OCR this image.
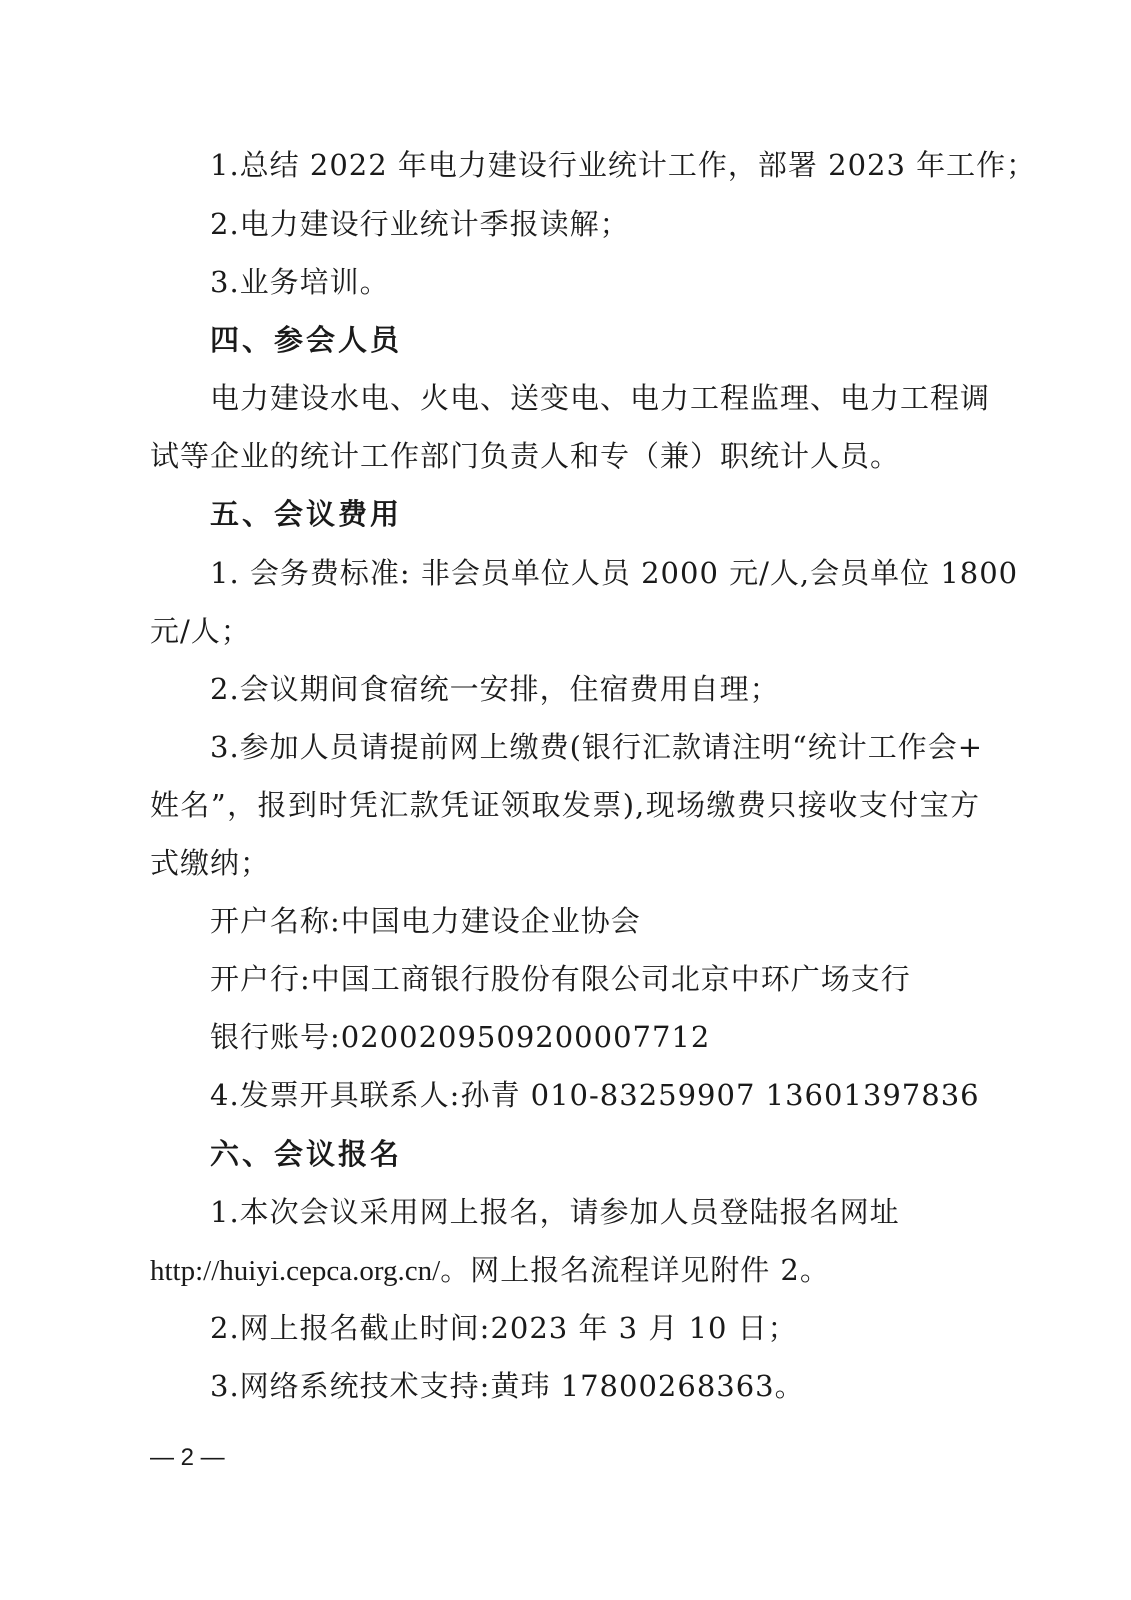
1.总结 2022 年电力建设行业统计工作，部署 2023 年工作；
2.电力建设行业统计季报读解；
3.业务培训。
四、参会人员
电力建设水电、火电、送变电、电力工程监理、电力工程调
试等企业的统计工作部门负责人和专（兼）职统计人员。
五、会议费用
1. 会务费标准: 非会员单位人员 2000 元/人,会员单位 1800
元/人；
2.会议期间食宿统一安排，住宿费用自理；
3.参加人员请提前网上缴费(银行汇款请注明“统计工作会+
姓名”，报到时凭汇款凭证领取发票),现场缴费只接收支付宝方
式缴纳；
开户名称:中国电力建设企业协会
开户行:中国工商银行股份有限公司北京中环广场支行
银行账号:0200209509200007712
4.发票开具联系人:孙青 010-83259907 13601397836
六、会议报名
1.本次会议采用网上报名，请参加人员登陆报名网址
http://huiyi.cepca.org.cn/。网上报名流程详见附件 2。
2.网上报名截止时间:2023 年 3 月 10 日；
3.网络系统技术支持:黄玮 17800268363。
— 2 —
